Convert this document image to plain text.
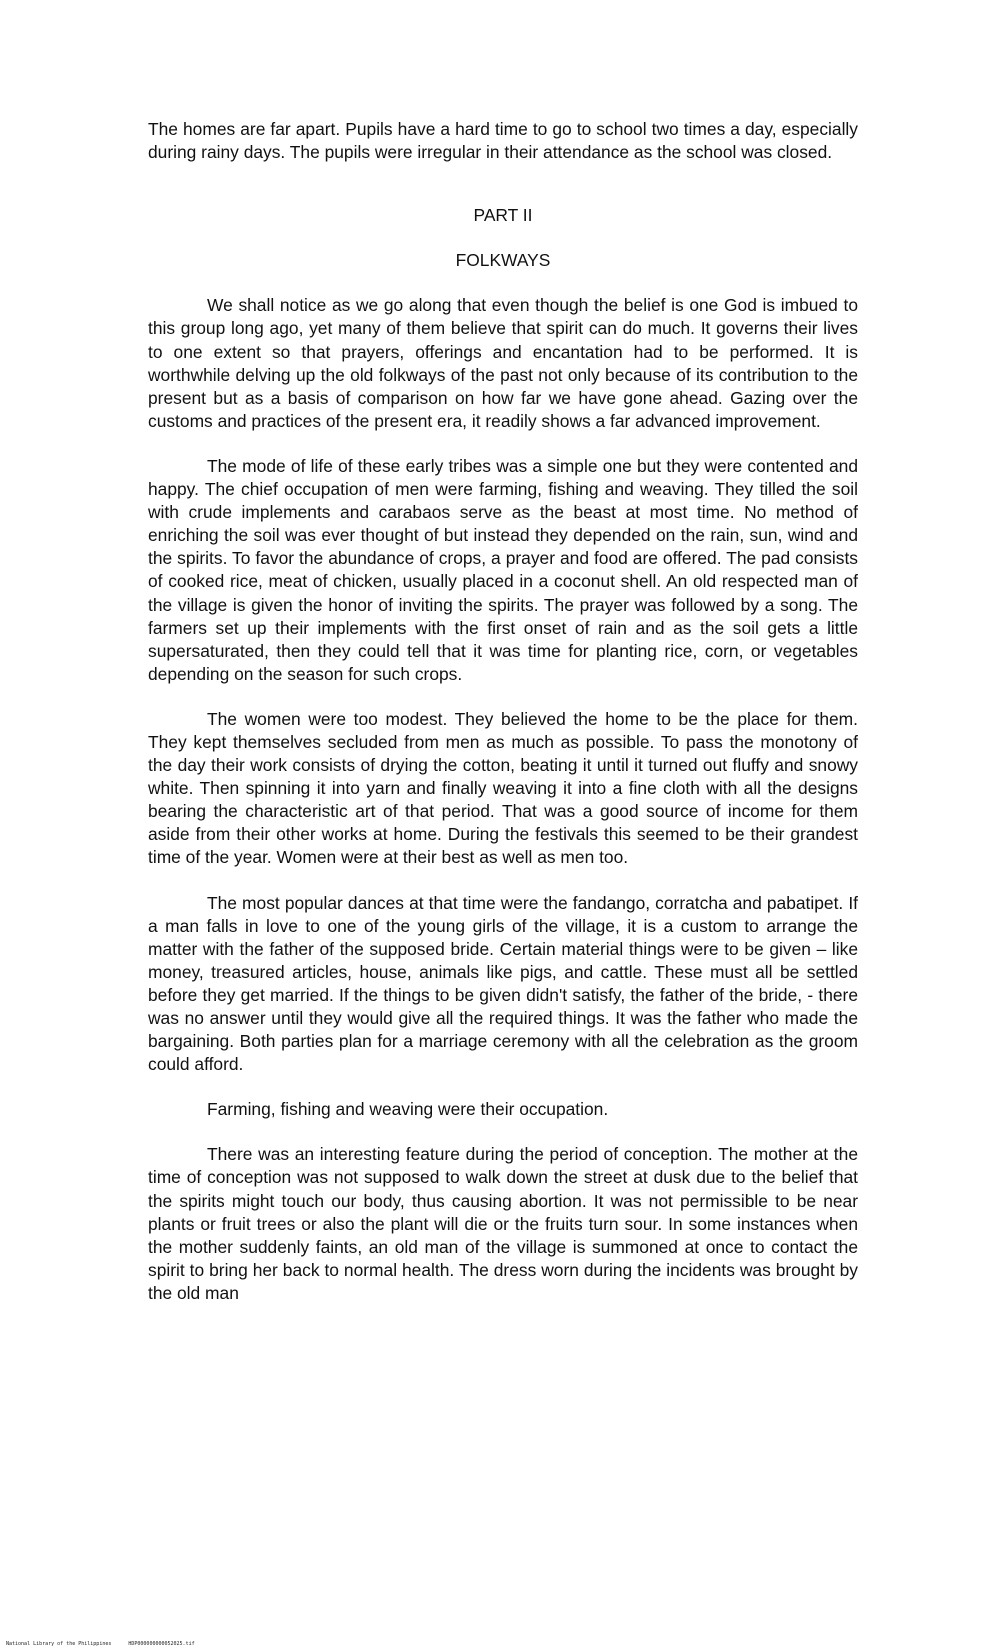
The homes are far apart. Pupils have a hard time to go to school two times a day, especially during rainy days. The pupils were irregular in their attendance as the school was closed.

PART II

FOLKWAYS

We shall notice as we go along that even though the belief is one God is imbued to this group long ago, yet many of them believe that spirit can do much. It governs their lives to one extent so that prayers, offerings and encantation had to be performed. It is worthwhile delving up the old folkways of the past not only because of its contribution to the present but as a basis of comparison on how far we have gone ahead. Gazing over the customs and practices of the present era, it readily shows a far advanced improvement.

The mode of life of these early tribes was a simple one but they were contented and happy. The chief occupation of men were farming, fishing and weaving. They tilled the soil with crude implements and carabaos serve as the beast at most time. No method of enriching the soil was ever thought of but instead they depended on the rain, sun, wind and the spirits. To favor the abundance of crops, a prayer and food are offered. The pad consists of cooked rice, meat of chicken, usually placed in a coconut shell. An old respected man of the village is given the honor of inviting the spirits. The prayer was followed by a song. The farmers set up their implements with the first onset of rain and as the soil gets a little supersaturated, then they could tell that it was time for planting rice, corn, or vegetables depending on the season for such crops.

The women were too modest. They believed the home to be the place for them. They kept themselves secluded from men as much as possible. To pass the monotony of the day their work consists of drying the cotton, beating it until it turned out fluffy and snowy white. Then spinning it into yarn and finally weaving it into a fine cloth with all the designs bearing the characteristic art of that period. That was a good source of income for them aside from their other works at home. During the festivals this seemed to be their grandest time of the year. Women were at their best as well as men too.

The most popular dances at that time were the fandango, corratcha and pabatipet. If a man falls in love to one of the young girls of the village, it is a custom to arrange the matter with the father of the supposed bride. Certain material things were to be given – like money, treasured articles, house, animals like pigs, and cattle. These must all be settled before they get married. If the things to be given didn't satisfy, the father of the bride, - there was no answer until they would give all the required things. It was the father who made the bargaining. Both parties plan for a marriage ceremony with all the celebration as the groom could afford.

Farming, fishing and weaving were their occupation.

There was an interesting feature during the period of conception. The mother at the time of conception was not supposed to walk down the street at dusk due to the belief that the spirits might touch our body, thus causing abortion. It was not permissible to be near plants or fruit trees or also the plant will die or the fruits turn sour. In some instances when the mother suddenly faints, an old man of the village is summoned at once to contact the spirit to bring her back to normal health. The dress worn during the incidents was brought by the old man

National Library of the Philippines	HDP000000000052025.tif
